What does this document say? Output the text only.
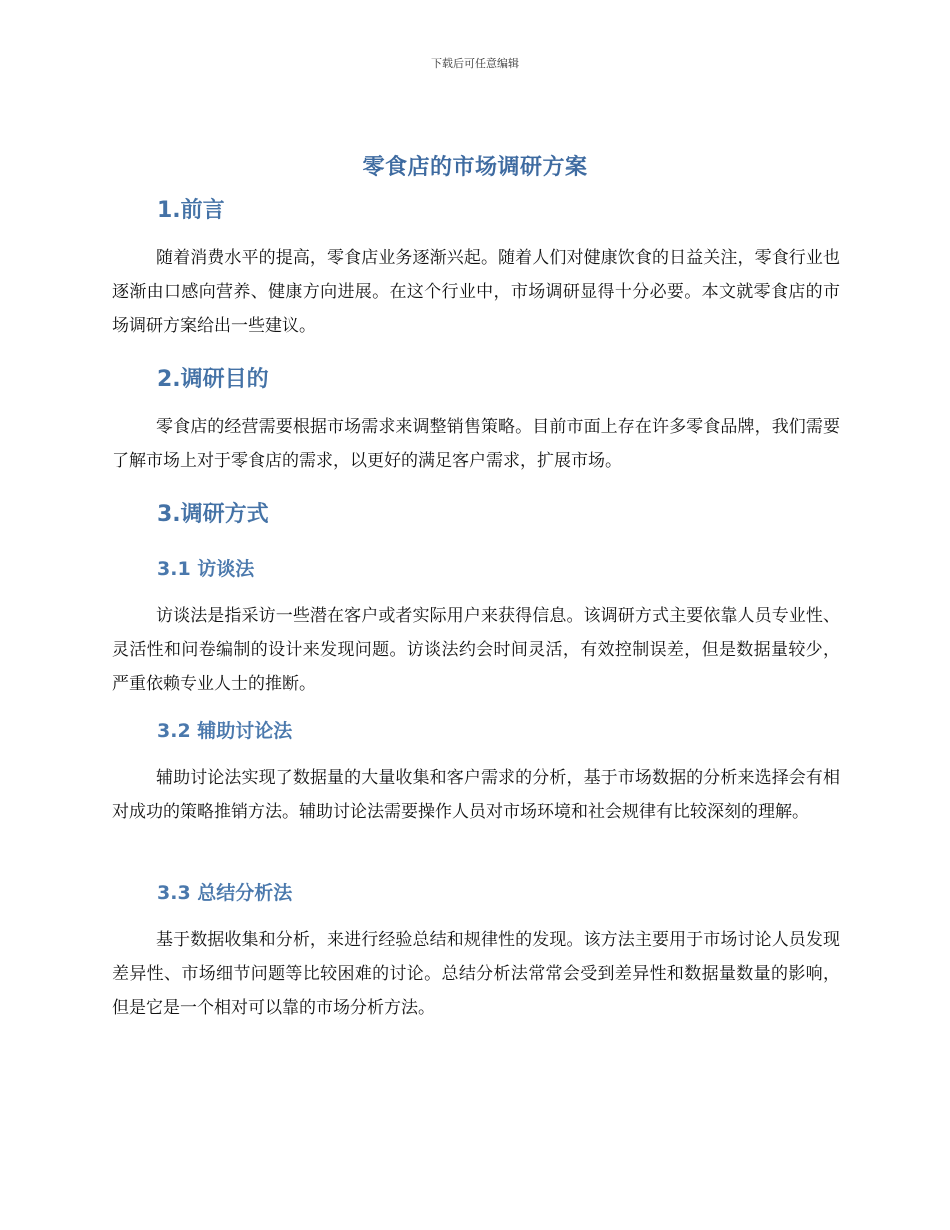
下载后可任意编辑
零食店的市场调研方案
1.前言
随着消费水平的提高，零食店业务逐渐兴起。随着人们对健康饮食的日益关注，零食行业也逐渐由口感向营养、健康方向进展。在这个行业中，市场调研显得十分必要。本文就零食店的市场调研方案给出一些建议。
2.调研目的
零食店的经营需要根据市场需求来调整销售策略。目前市面上存在许多零食品牌，我们需要了解市场上对于零食店的需求，以更好的满足客户需求，扩展市场。
3.调研方式
3.1 访谈法
访谈法是指采访一些潜在客户或者实际用户来获得信息。该调研方式主要依靠人员专业性、灵活性和问卷编制的设计来发现问题。访谈法约会时间灵活，有效控制误差，但是数据量较少，严重依赖专业人士的推断。
3.2 辅助讨论法
辅助讨论法实现了数据量的大量收集和客户需求的分析，基于市场数据的分析来选择会有相对成功的策略推销方法。辅助讨论法需要操作人员对市场环境和社会规律有比较深刻的理解。
3.3 总结分析法
基于数据收集和分析，来进行经验总结和规律性的发现。该方法主要用于市场讨论人员发现差异性、市场细节问题等比较困难的讨论。总结分析法常常会受到差异性和数据量数量的影响，但是它是一个相对可以靠的市场分析方法。
